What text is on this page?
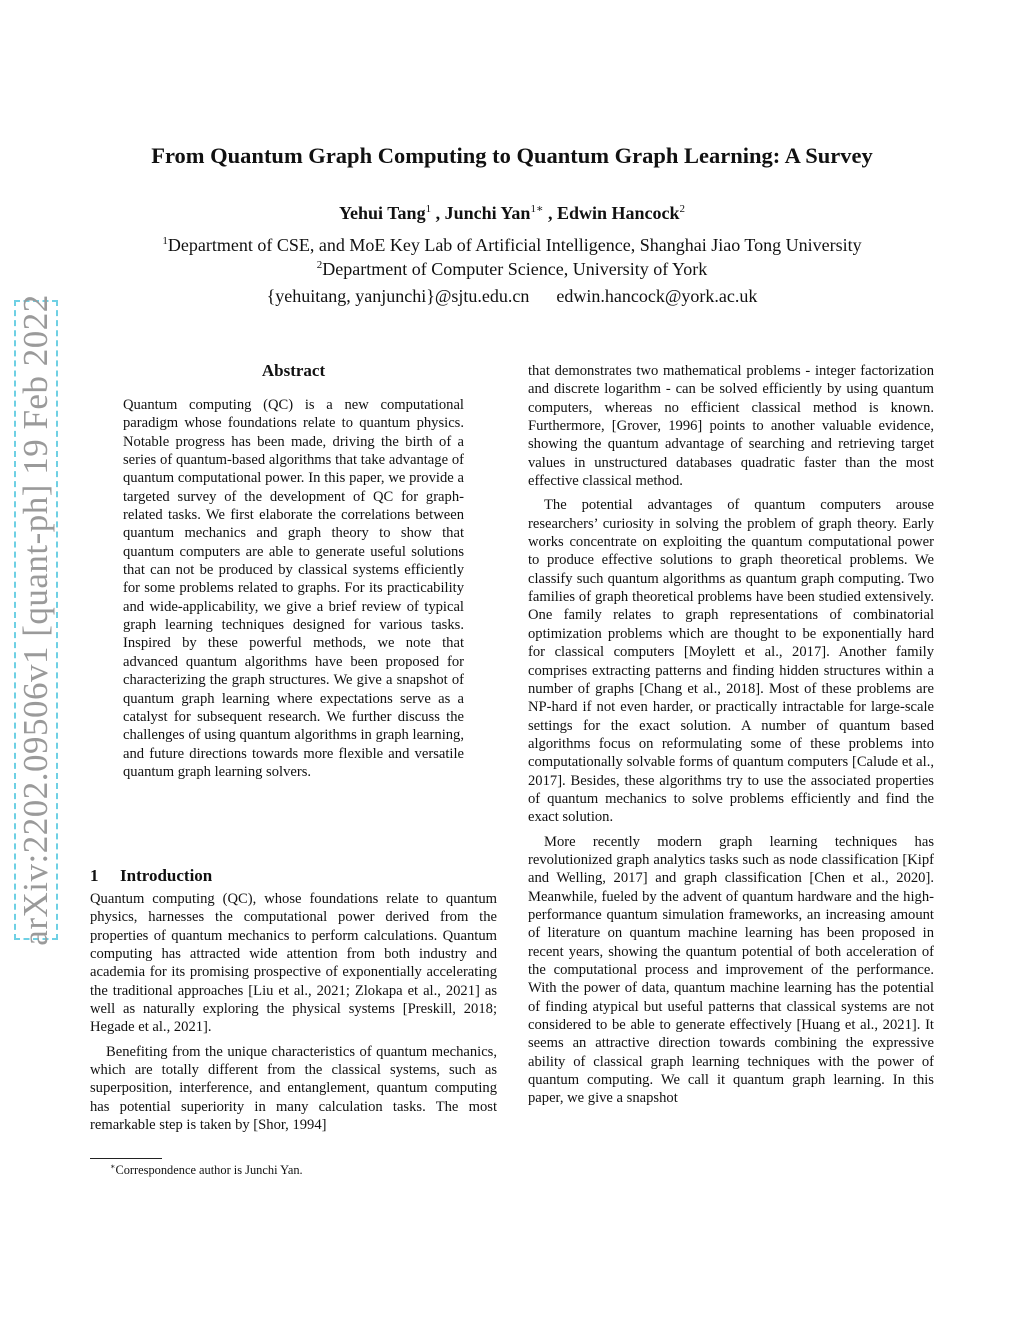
arXiv:2202.09506v1 [quant-ph] 19 Feb 2022
From Quantum Graph Computing to Quantum Graph Learning: A Survey
Yehui Tang$^1$ , Junchi Yan$^{1∗}$ , Edwin Hancock$^2$
$^1$Department of CSE, and MoE Key Lab of Artificial Intelligence, Shanghai Jiao Tong University
$^2$Department of Computer Science, University of York
{yehuitang, yanjunchi}@sjtu.edu.cn      edwin.hancock@york.ac.uk
Abstract

Quantum computing (QC) is a new computational paradigm whose foundations relate to quantum physics. Notable progress has been made, driving the birth of a series of quantum-based algorithms that take advantage of quantum computational power. In this paper, we provide a targeted survey of the development of QC for graph-related tasks. We first elaborate the correlations between quantum mechanics and graph theory to show that quantum computers are able to generate useful solutions that can not be produced by classical systems efficiently for some problems related to graphs. For its practicability and wide-applicability, we give a brief review of typical graph learning techniques designed for various tasks. Inspired by these powerful methods, we note that advanced quantum algorithms have been proposed for characterizing the graph structures. We give a snapshot of quantum graph learning where expectations serve as a catalyst for subsequent research. We further discuss the challenges of using quantum algorithms in graph learning, and future directions towards more flexible and versatile quantum graph learning solvers.

1 Introduction

Quantum computing (QC), whose foundations relate to quantum physics, harnesses the computational power derived from the properties of quantum mechanics to perform calculations. Quantum computing has attracted wide attention from both industry and academia for its promising prospective of exponentially accelerating the traditional approaches [Liu et al., 2021; Zlokapa et al., 2021] as well as naturally exploring the physical systems [Preskill, 2018; Hegade et al., 2021].

Benefiting from the unique characteristics of quantum mechanics, which are totally different from the classical systems, such as superposition, interference, and entanglement, quantum computing has potential superiority in many calculation tasks. The most remarkable step is taken by [Shor, 1994]

that demonstrates two mathematical problems - integer factorization and discrete logarithm - can be solved efficiently by using quantum computers, whereas no efficient classical method is known. Furthermore, [Grover, 1996] points to another valuable evidence, showing the quantum advantage of searching and retrieving target values in unstructured databases quadratic faster than the most effective classical method.

The potential advantages of quantum computers arouse researchers’ curiosity in solving the problem of graph theory. Early works concentrate on exploiting the quantum computational power to produce effective solutions to graph theoretical problems. We classify such quantum algorithms as quantum graph computing. Two families of graph theoretical problems have been studied extensively. One family relates to graph representations of combinatorial optimization problems which are thought to be exponentially hard for classical computers [Moylett et al., 2017]. Another family comprises extracting patterns and finding hidden structures within a number of graphs [Chang et al., 2018]. Most of these problems are NP-hard if not even harder, or practically intractable for large-scale settings for the exact solution. A number of quantum based algorithms focus on reformulating some of these problems into computationally solvable forms of quantum computers [Calude et al., 2017]. Besides, these algorithms try to use the associated properties of quantum mechanics to solve problems efficiently and find the exact solution.

More recently modern graph learning techniques has revolutionized graph analytics tasks such as node classification [Kipf and Welling, 2017] and graph classification [Chen et al., 2020]. Meanwhile, fueled by the advent of quantum hardware and the high-performance quantum simulation frameworks, an increasing amount of literature on quantum machine learning has been proposed in recent years, showing the quantum potential of both acceleration of the computational process and improvement of the performance. With the power of data, quantum machine learning has the potential of finding atypical but useful patterns that classical systems are not considered to be able to generate effectively [Huang et al., 2021]. It seems an attractive direction towards combining the expressive ability of classical graph learning techniques with the power of quantum computing. We call it quantum graph learning. In this paper, we give a snapshot

∗Correspondence author is Junchi Yan.
